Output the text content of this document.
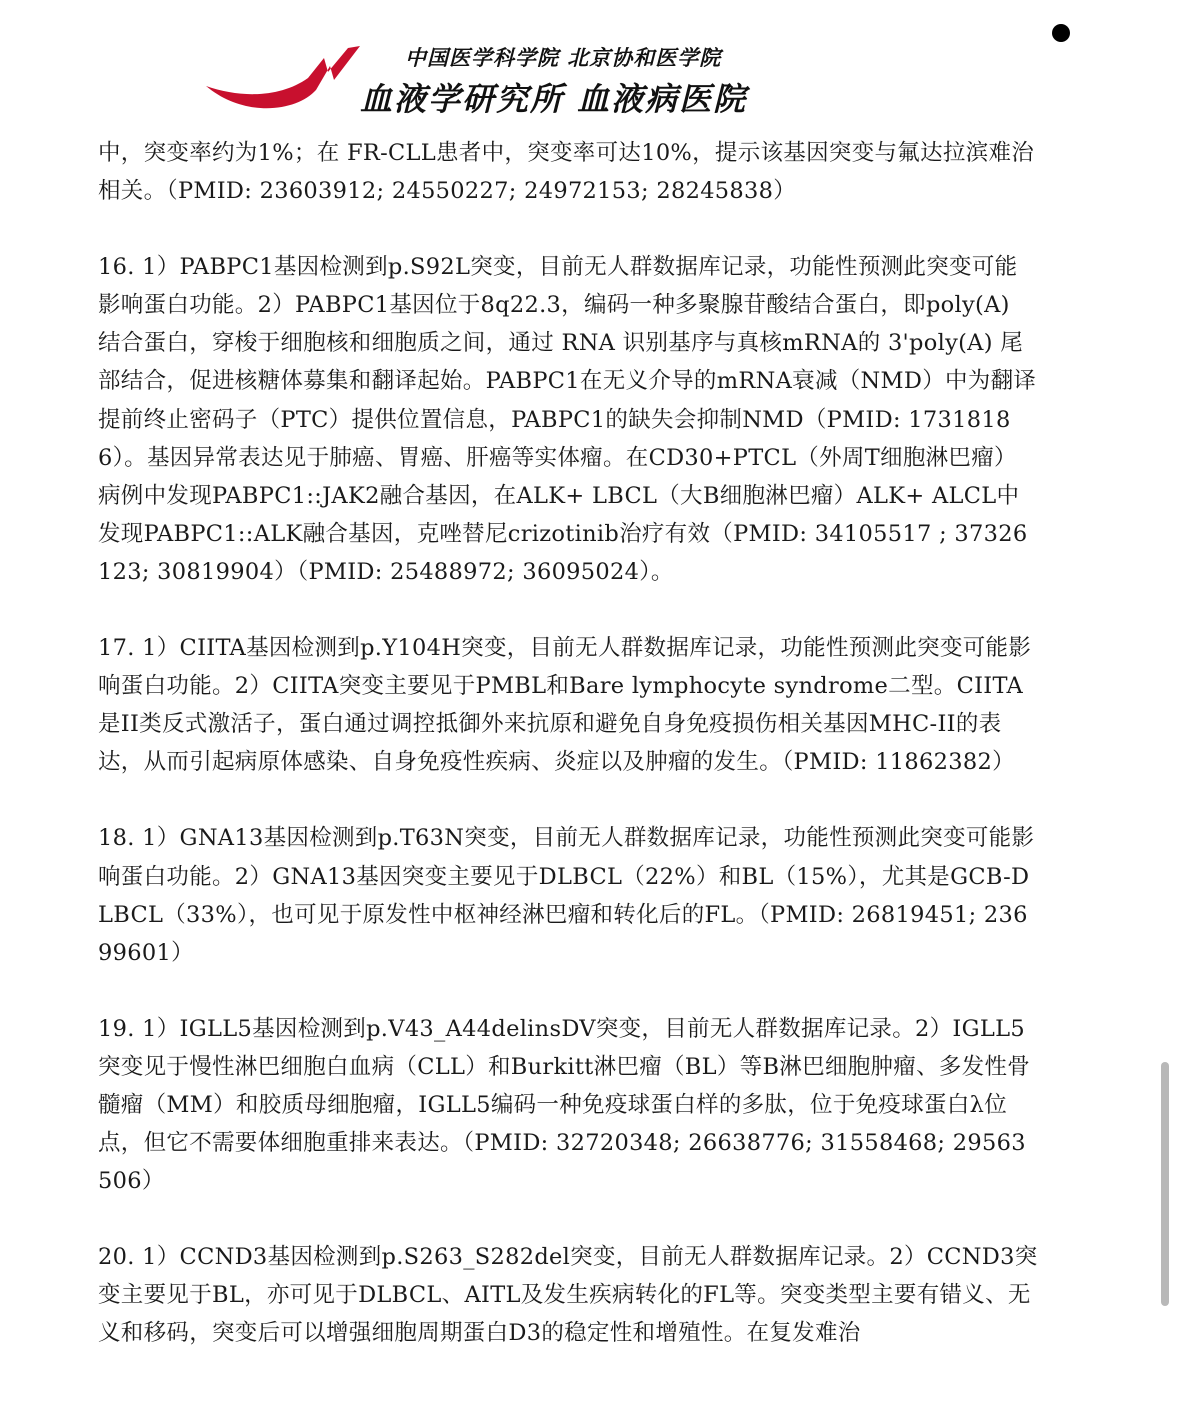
中国医学科学院 北京协和医学院
血液学研究所 血液病医院

中，突变率约为1%；在 FR-CLL患者中，突变率可达10%，提示该基因突变与氟达拉滨难治相关。（PMID: 23603912; 24550227; 24972153; 28245838）

16. 1）PABPC1基因检测到p.S92L突变，目前无人群数据库记录，功能性预测此突变可能影响蛋白功能。2）PABPC1基因位于8q22.3，编码一种多聚腺苷酸结合蛋白，即poly(A) 结合蛋白，穿梭于细胞核和细胞质之间，通过 RNA 识别基序与真核mRNA的 3'poly(A) 尾部结合，促进核糖体募集和翻译起始。PABPC1在无义介导的mRNA衰减（NMD）中为翻译提前终止密码子（PTC）提供位置信息，PABPC1的缺失会抑制NMD（PMID: 17318186）。基因异常表达见于肺癌、胃癌、肝癌等实体瘤。在CD30+PTCL（外周T细胞淋巴瘤）病例中发现PABPC1::JAK2融合基因，在ALK+ LBCL（大B细胞淋巴瘤）ALK+ ALCL中发现PABPC1::ALK融合基因，克唑替尼crizotinib治疗有效（PMID: 34105517 ; 37326123; 30819904）（PMID: 25488972; 36095024）。

17. 1）CIITA基因检测到p.Y104H突变，目前无人群数据库记录，功能性预测此突变可能影响蛋白功能。2）CIITA突变主要见于PMBL和Bare lymphocyte syndrome二型。CIITA是II类反式激活子，蛋白通过调控抵御外来抗原和避免自身免疫损伤相关基因MHC-II的表达，从而引起病原体感染、自身免疫性疾病、炎症以及肿瘤的发生。（PMID: 11862382）

18. 1）GNA13基因检测到p.T63N突变，目前无人群数据库记录，功能性预测此突变可能影响蛋白功能。2）GNA13基因突变主要见于DLBCL（22%）和BL（15%），尤其是GCB-DLBCL（33%），也可见于原发性中枢神经淋巴瘤和转化后的FL。（PMID: 26819451; 23699601）

19. 1）IGLL5基因检测到p.V43_A44delinsDV突变，目前无人群数据库记录。2）IGLL5突变见于慢性淋巴细胞白血病（CLL）和Burkitt淋巴瘤（BL）等B淋巴细胞肿瘤、多发性骨髓瘤（MM）和胶质母细胞瘤，IGLL5编码一种免疫球蛋白样的多肽，位于免疫球蛋白λ位点，但它不需要体细胞重排来表达。（PMID: 32720348; 26638776; 31558468; 29563506）

20. 1）CCND3基因检测到p.S263_S282del突变，目前无人群数据库记录。2）CCND3突变主要见于BL，亦可见于DLBCL、AITL及发生疾病转化的FL等。突变类型主要有错义、无义和移码，突变后可以增强细胞周期蛋白D3的稳定性和增殖性。在复发难治
